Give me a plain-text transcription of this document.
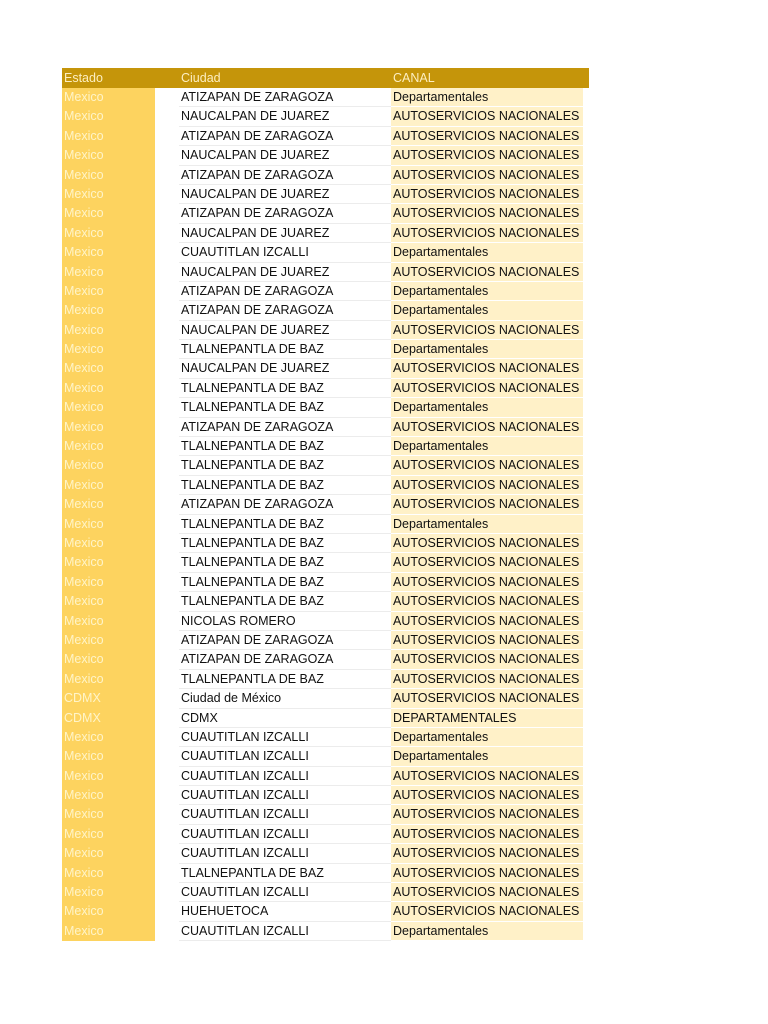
Estado	Ciudad	CANAL
Mexico	ATIZAPAN DE ZARAGOZA	Departamentales
Mexico	NAUCALPAN DE JUAREZ	AUTOSERVICIOS NACIONALES
Mexico	ATIZAPAN DE ZARAGOZA	AUTOSERVICIOS NACIONALES
Mexico	NAUCALPAN DE JUAREZ	AUTOSERVICIOS NACIONALES
Mexico	ATIZAPAN DE ZARAGOZA	AUTOSERVICIOS NACIONALES
Mexico	NAUCALPAN DE JUAREZ	AUTOSERVICIOS NACIONALES
Mexico	ATIZAPAN DE ZARAGOZA	AUTOSERVICIOS NACIONALES
Mexico	NAUCALPAN DE JUAREZ	AUTOSERVICIOS NACIONALES
Mexico	CUAUTITLAN IZCALLI	Departamentales
Mexico	NAUCALPAN DE JUAREZ	AUTOSERVICIOS NACIONALES
Mexico	ATIZAPAN DE ZARAGOZA	Departamentales
Mexico	ATIZAPAN DE ZARAGOZA	Departamentales
Mexico	NAUCALPAN DE JUAREZ	AUTOSERVICIOS NACIONALES
Mexico	TLALNEPANTLA DE BAZ	Departamentales
Mexico	NAUCALPAN DE JUAREZ	AUTOSERVICIOS NACIONALES
Mexico	TLALNEPANTLA DE BAZ	AUTOSERVICIOS NACIONALES
Mexico	TLALNEPANTLA DE BAZ	Departamentales
Mexico	ATIZAPAN DE ZARAGOZA	AUTOSERVICIOS NACIONALES
Mexico	TLALNEPANTLA DE BAZ	Departamentales
Mexico	TLALNEPANTLA DE BAZ	AUTOSERVICIOS NACIONALES
Mexico	TLALNEPANTLA DE BAZ	AUTOSERVICIOS NACIONALES
Mexico	ATIZAPAN DE ZARAGOZA	AUTOSERVICIOS NACIONALES
Mexico	TLALNEPANTLA DE BAZ	Departamentales
Mexico	TLALNEPANTLA DE BAZ	AUTOSERVICIOS NACIONALES
Mexico	TLALNEPANTLA DE BAZ	AUTOSERVICIOS NACIONALES
Mexico	TLALNEPANTLA DE BAZ	AUTOSERVICIOS NACIONALES
Mexico	TLALNEPANTLA DE BAZ	AUTOSERVICIOS NACIONALES
Mexico	NICOLAS ROMERO	AUTOSERVICIOS NACIONALES
Mexico	ATIZAPAN DE ZARAGOZA	AUTOSERVICIOS NACIONALES
Mexico	ATIZAPAN DE ZARAGOZA	AUTOSERVICIOS NACIONALES
Mexico	TLALNEPANTLA DE BAZ	AUTOSERVICIOS NACIONALES
CDMX	Ciudad de México	AUTOSERVICIOS NACIONALES
CDMX	CDMX	DEPARTAMENTALES
Mexico	CUAUTITLAN IZCALLI	Departamentales
Mexico	CUAUTITLAN IZCALLI	Departamentales
Mexico	CUAUTITLAN IZCALLI	AUTOSERVICIOS NACIONALES
Mexico	CUAUTITLAN IZCALLI	AUTOSERVICIOS NACIONALES
Mexico	CUAUTITLAN IZCALLI	AUTOSERVICIOS NACIONALES
Mexico	CUAUTITLAN IZCALLI	AUTOSERVICIOS NACIONALES
Mexico	CUAUTITLAN IZCALLI	AUTOSERVICIOS NACIONALES
Mexico	TLALNEPANTLA DE BAZ	AUTOSERVICIOS NACIONALES
Mexico	CUAUTITLAN IZCALLI	AUTOSERVICIOS NACIONALES
Mexico	HUEHUETOCA	AUTOSERVICIOS NACIONALES
Mexico	CUAUTITLAN IZCALLI	Departamentales
